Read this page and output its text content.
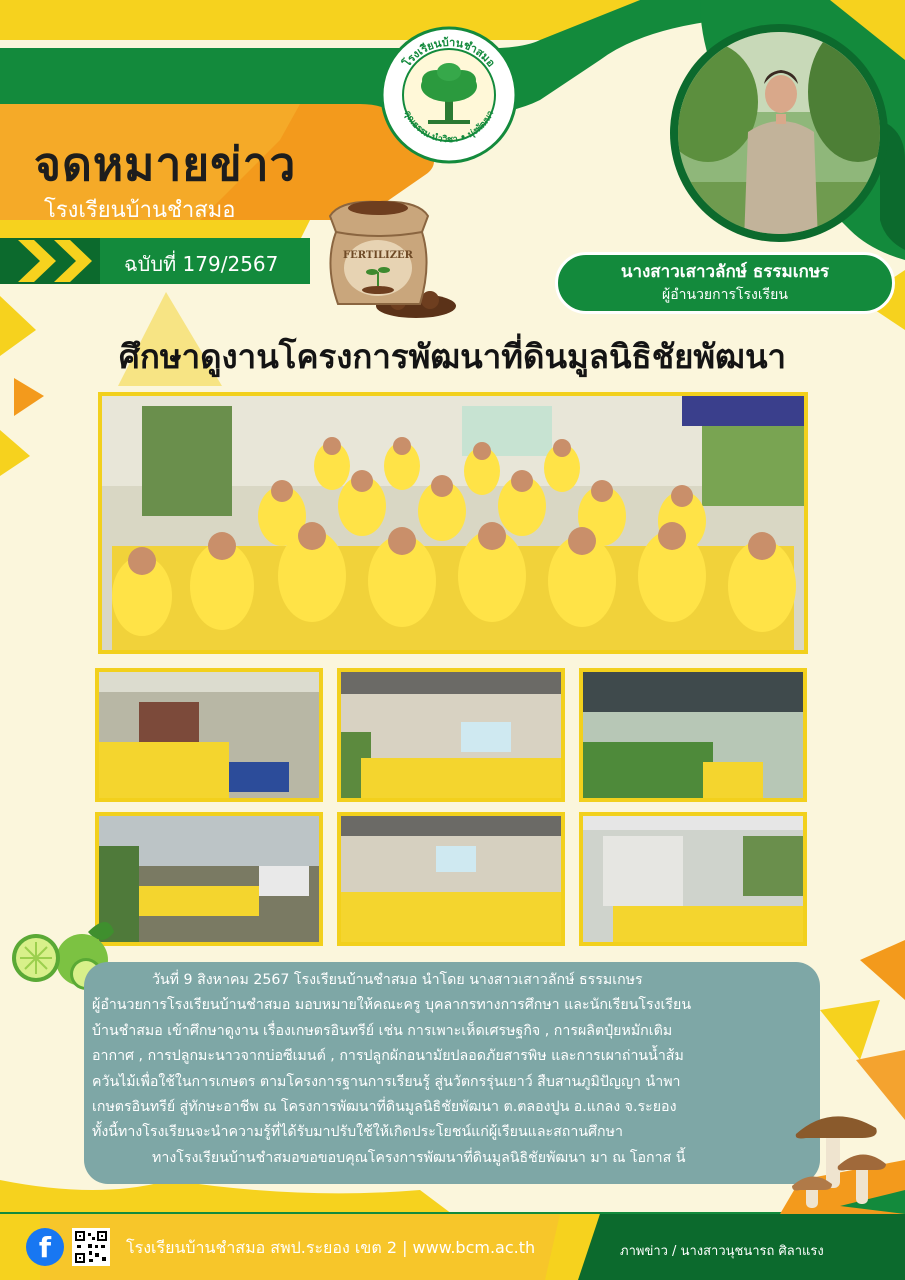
โรงเรียนบ้านชำสมอ
คุณธรรม นำวิชา • มุ่งพัฒนา
FERTILIZER
นางสาวเสาวลักษ์ ธรรมเกษร
ผู้อำนวยการโรงเรียน
จดหมายข่าว
โรงเรียนบ้านชำสมอ
ฉบับที่ 179/2567
ศึกษาดูงานโครงการพัฒนาที่ดินมูลนิธิชัยพัฒนา

วันที่ 9 สิงหาคม 2567 โรงเรียนบ้านชำสมอ นำโดย นางสาวเสาวลักษ์ ธรรมเกษร

ผู้อำนวยการโรงเรียนบ้านชำสมอ มอบหมายให้คณะครู บุคลากรทางการศึกษา และนักเรียนโรงเรียน

บ้านชำสมอ เข้าศึกษาดูงาน เรื่องเกษตรอินทรีย์ เช่น การเพาะเห็ดเศรษฐกิจ , การผลิตปุ๋ยหมักเติม

อากาศ , การปลูกมะนาวจากบ่อซีเมนต์ , การปลูกผักอนามัยปลอดภัยสารพิษ และการเผาถ่านน้ำส้ม

ควันไม้เพื่อใช้ในการเกษตร ตามโครงการฐานการเรียนรู้ สู่นวัตกรรุ่นเยาว์ สืบสานภูมิปัญญา นำพา

เกษตรอินทรีย์ สู่ทักษะอาชีพ ณ โครงการพัฒนาที่ดินมูลนิธิชัยพัฒนา ต.ตลองปูน อ.แกลง จ.ระยอง

ทั้งนี้ทางโรงเรียนจะนำความรู้ที่ได้รับมาปรับใช้ให้เกิดประโยชน์แก่ผู้เรียนและสถานศึกษา

ทางโรงเรียนบ้านชำสมอขอขอบคุณโครงการพัฒนาที่ดินมูลนิธิชัยพัฒนา มา ณ โอกาส นี้

f	โรงเรียนบ้านชำสมอ สพป.ระยอง เขต 2 | www.bcm.ac.th	ภาพข่าว / นางสาวนุชนารถ ศิลาแรง
